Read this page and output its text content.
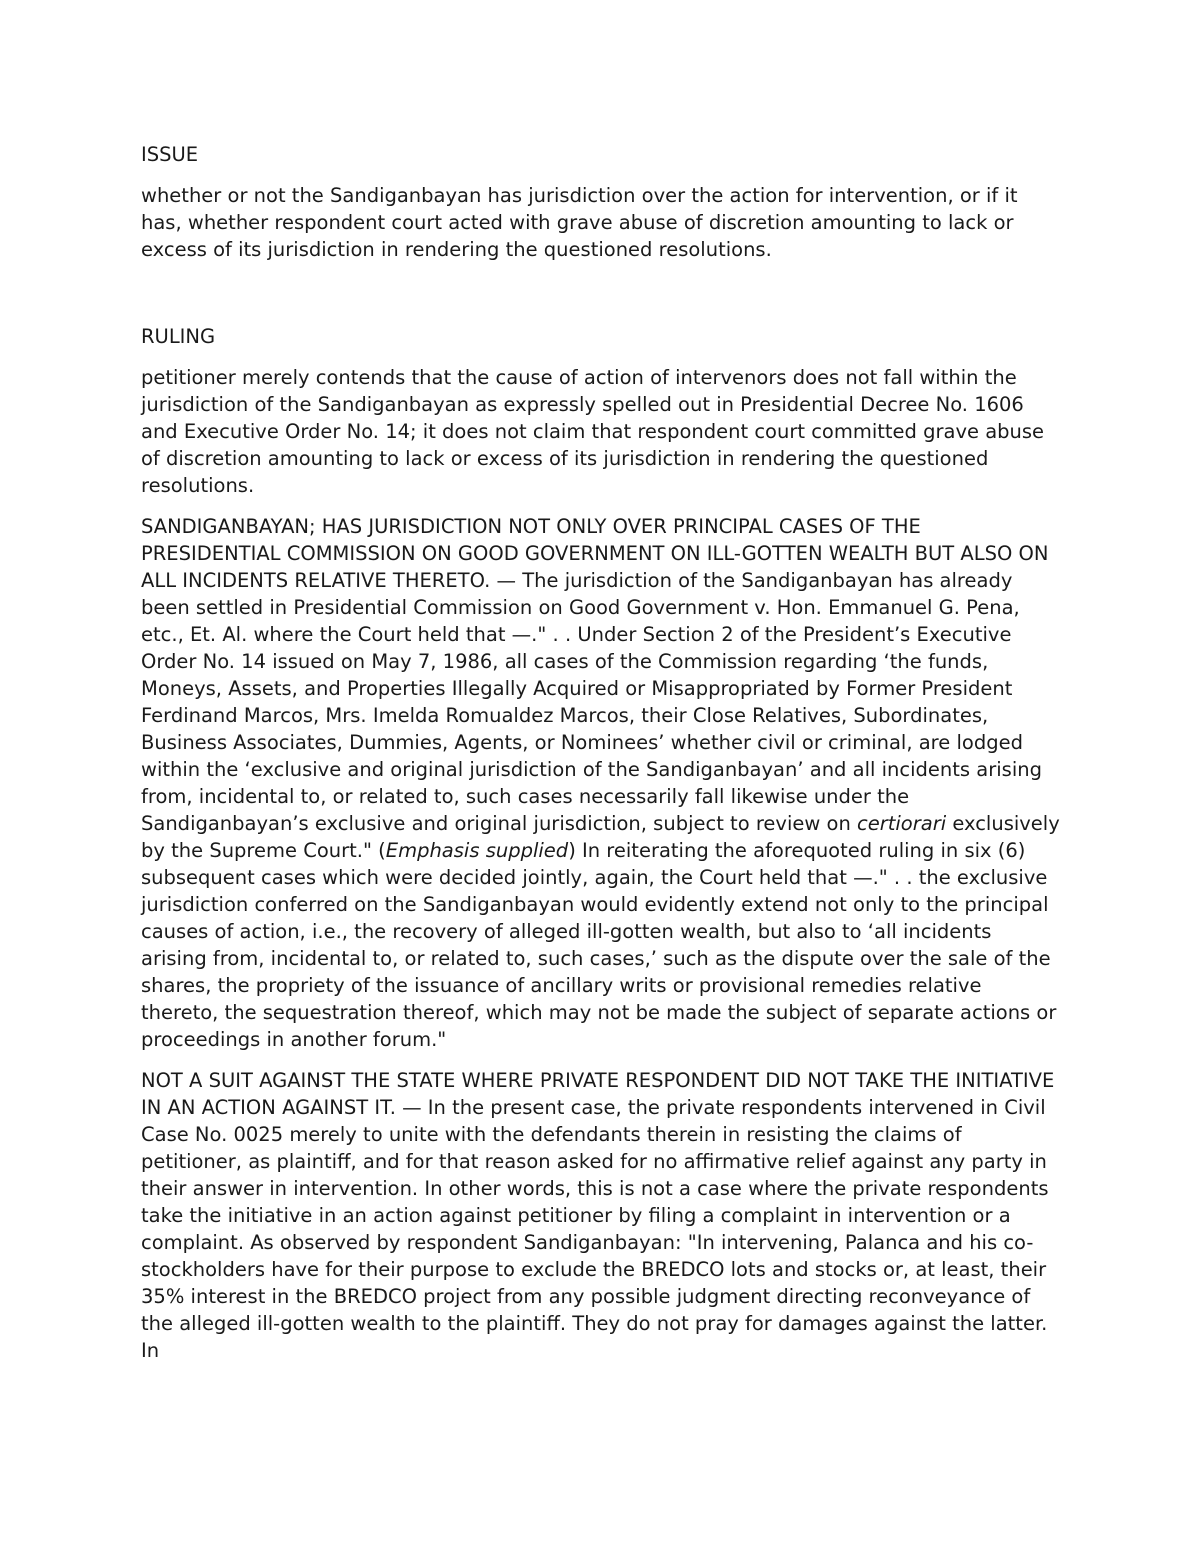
ISSUE

whether or not the Sandiganbayan has jurisdiction over the action for intervention, or if it has, whether respondent court acted with grave abuse of discretion amounting to lack or excess of its jurisdiction in rendering the questioned resolutions.

RULING

petitioner merely contends that the cause of action of intervenors does not fall within the jurisdiction of the Sandiganbayan as expressly spelled out in Presidential Decree No. 1606 and Executive Order No. 14; it does not claim that respondent court committed grave abuse of discretion amounting to lack or excess of its jurisdiction in rendering the questioned resolutions.

SANDIGANBAYAN; HAS JURISDICTION NOT ONLY OVER PRINCIPAL CASES OF THE PRESIDENTIAL COMMISSION ON GOOD GOVERNMENT ON ILL-GOTTEN WEALTH BUT ALSO ON ALL INCIDENTS RELATIVE THERETO. — The jurisdiction of the Sandiganbayan has already been settled in Presidential Commission on Good Government v. Hon. Emmanuel G. Pena, etc., Et. Al. where the Court held that —." . . Under Section 2 of the President’s Executive Order No. 14 issued on May 7, 1986, all cases of the Commission regarding ‘the funds, Moneys, Assets, and Properties Illegally Acquired or Misappropriated by Former President Ferdinand Marcos, Mrs. Imelda Romualdez Marcos, their Close Relatives, Subordinates, Business Associates, Dummies, Agents, or Nominees’ whether civil or criminal, are lodged within the ‘exclusive and original jurisdiction of the Sandiganbayan’ and all incidents arising from, incidental to, or related to, such cases necessarily fall likewise under the Sandiganbayan’s exclusive and original jurisdiction, subject to review on certiorari exclusively by the Supreme Court." (Emphasis supplied) In reiterating the aforequoted ruling in six (6) subsequent cases which were decided jointly, again, the Court held that —." . . the exclusive jurisdiction conferred on the Sandiganbayan would evidently extend not only to the principal causes of action, i.e., the recovery of alleged ill-gotten wealth, but also to ‘all incidents arising from, incidental to, or related to, such cases,’ such as the dispute over the sale of the shares, the propriety of the issuance of ancillary writs or provisional remedies relative thereto, the sequestration thereof, which may not be made the subject of separate actions or proceedings in another forum."

NOT A SUIT AGAINST THE STATE WHERE PRIVATE RESPONDENT DID NOT TAKE THE INITIATIVE IN AN ACTION AGAINST IT. — In the present case, the private respondents intervened in Civil Case No. 0025 merely to unite with the defendants therein in resisting the claims of petitioner, as plaintiff, and for that reason asked for no affirmative relief against any party in their answer in intervention. In other words, this is not a case where the private respondents take the initiative in an action against petitioner by filing a complaint in intervention or a complaint. As observed by respondent Sandiganbayan: "In intervening, Palanca and his co-stockholders have for their purpose to exclude the BREDCO lots and stocks or, at least, their 35% interest in the BREDCO project from any possible judgment directing reconveyance of the alleged ill-gotten wealth to the plaintiff. They do not pray for damages against the latter. In
